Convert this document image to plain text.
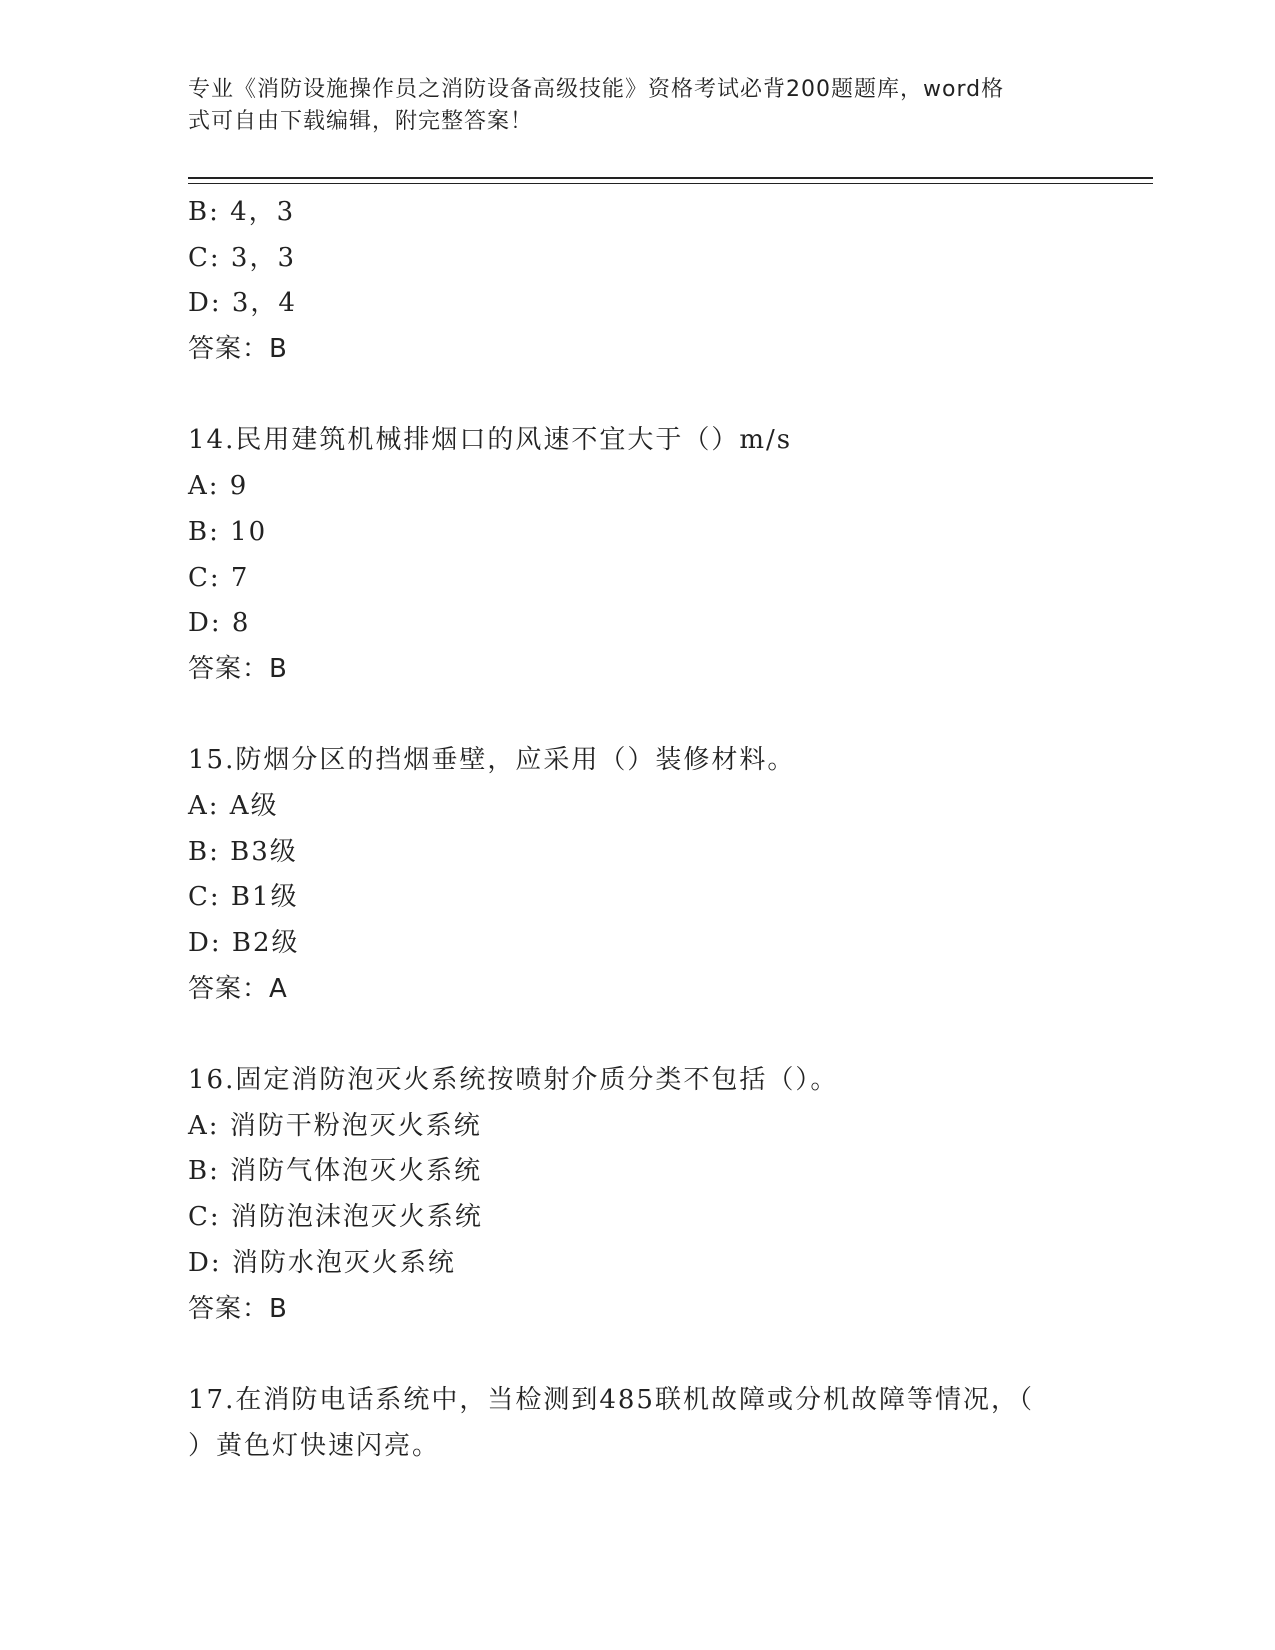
专业《消防设施操作员之消防设备高级技能》资格考试必背200题题库，word格
式可自由下载编辑，附完整答案！
B: 4，3
C: 3，3
D: 3，4
答案：B
14.民用建筑机械排烟口的风速不宜大于（）m/s
A: 9
B: 10
C: 7
D: 8
答案：B
15.防烟分区的挡烟垂壁，应采用（）装修材料。
A: A级
B: B3级
C: B1级
D: B2级
答案：A
16.固定消防泡灭火系统按喷射介质分类不包括（）。
A: 消防干粉泡灭火系统
B: 消防气体泡灭火系统
C: 消防泡沫泡灭火系统
D: 消防水泡灭火系统
答案：B
17.在消防电话系统中，当检测到485联机故障或分机故障等情况，（
）黄色灯快速闪亮。
